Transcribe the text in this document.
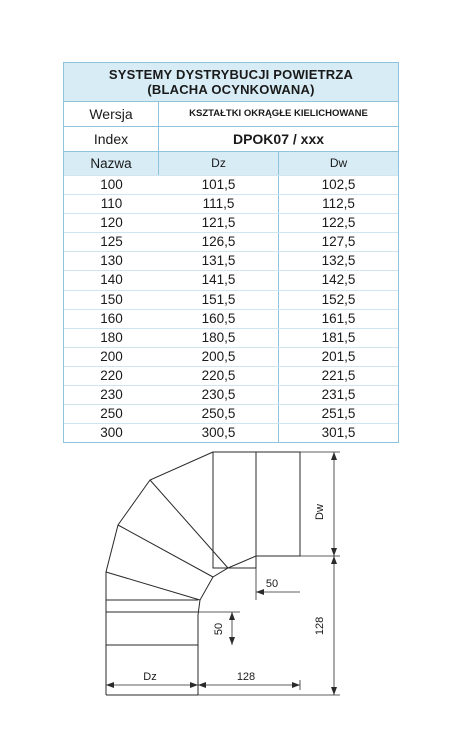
SYSTEMY DYSTRYBUCJI POWIETRZA
(BLACHA OCYNKOWANA)
Wersja	KSZTAŁTKI OKRĄGŁE KIELICHOWANE
Index	DPOK07 / xxx
Nazwa	Dz	Dw
100	101,5	102,5
110	111,5	112,5
120	121,5	122,5
125	126,5	127,5
130	131,5	132,5
140	141,5	142,5
150	151,5	152,5
160	160,5	161,5
180	180,5	181,5
200	200,5	201,5
220	220,5	221,5
230	230,5	231,5
250	250,5	251,5
300	300,5	301,5
Dw
128
50
50
Dz	128
